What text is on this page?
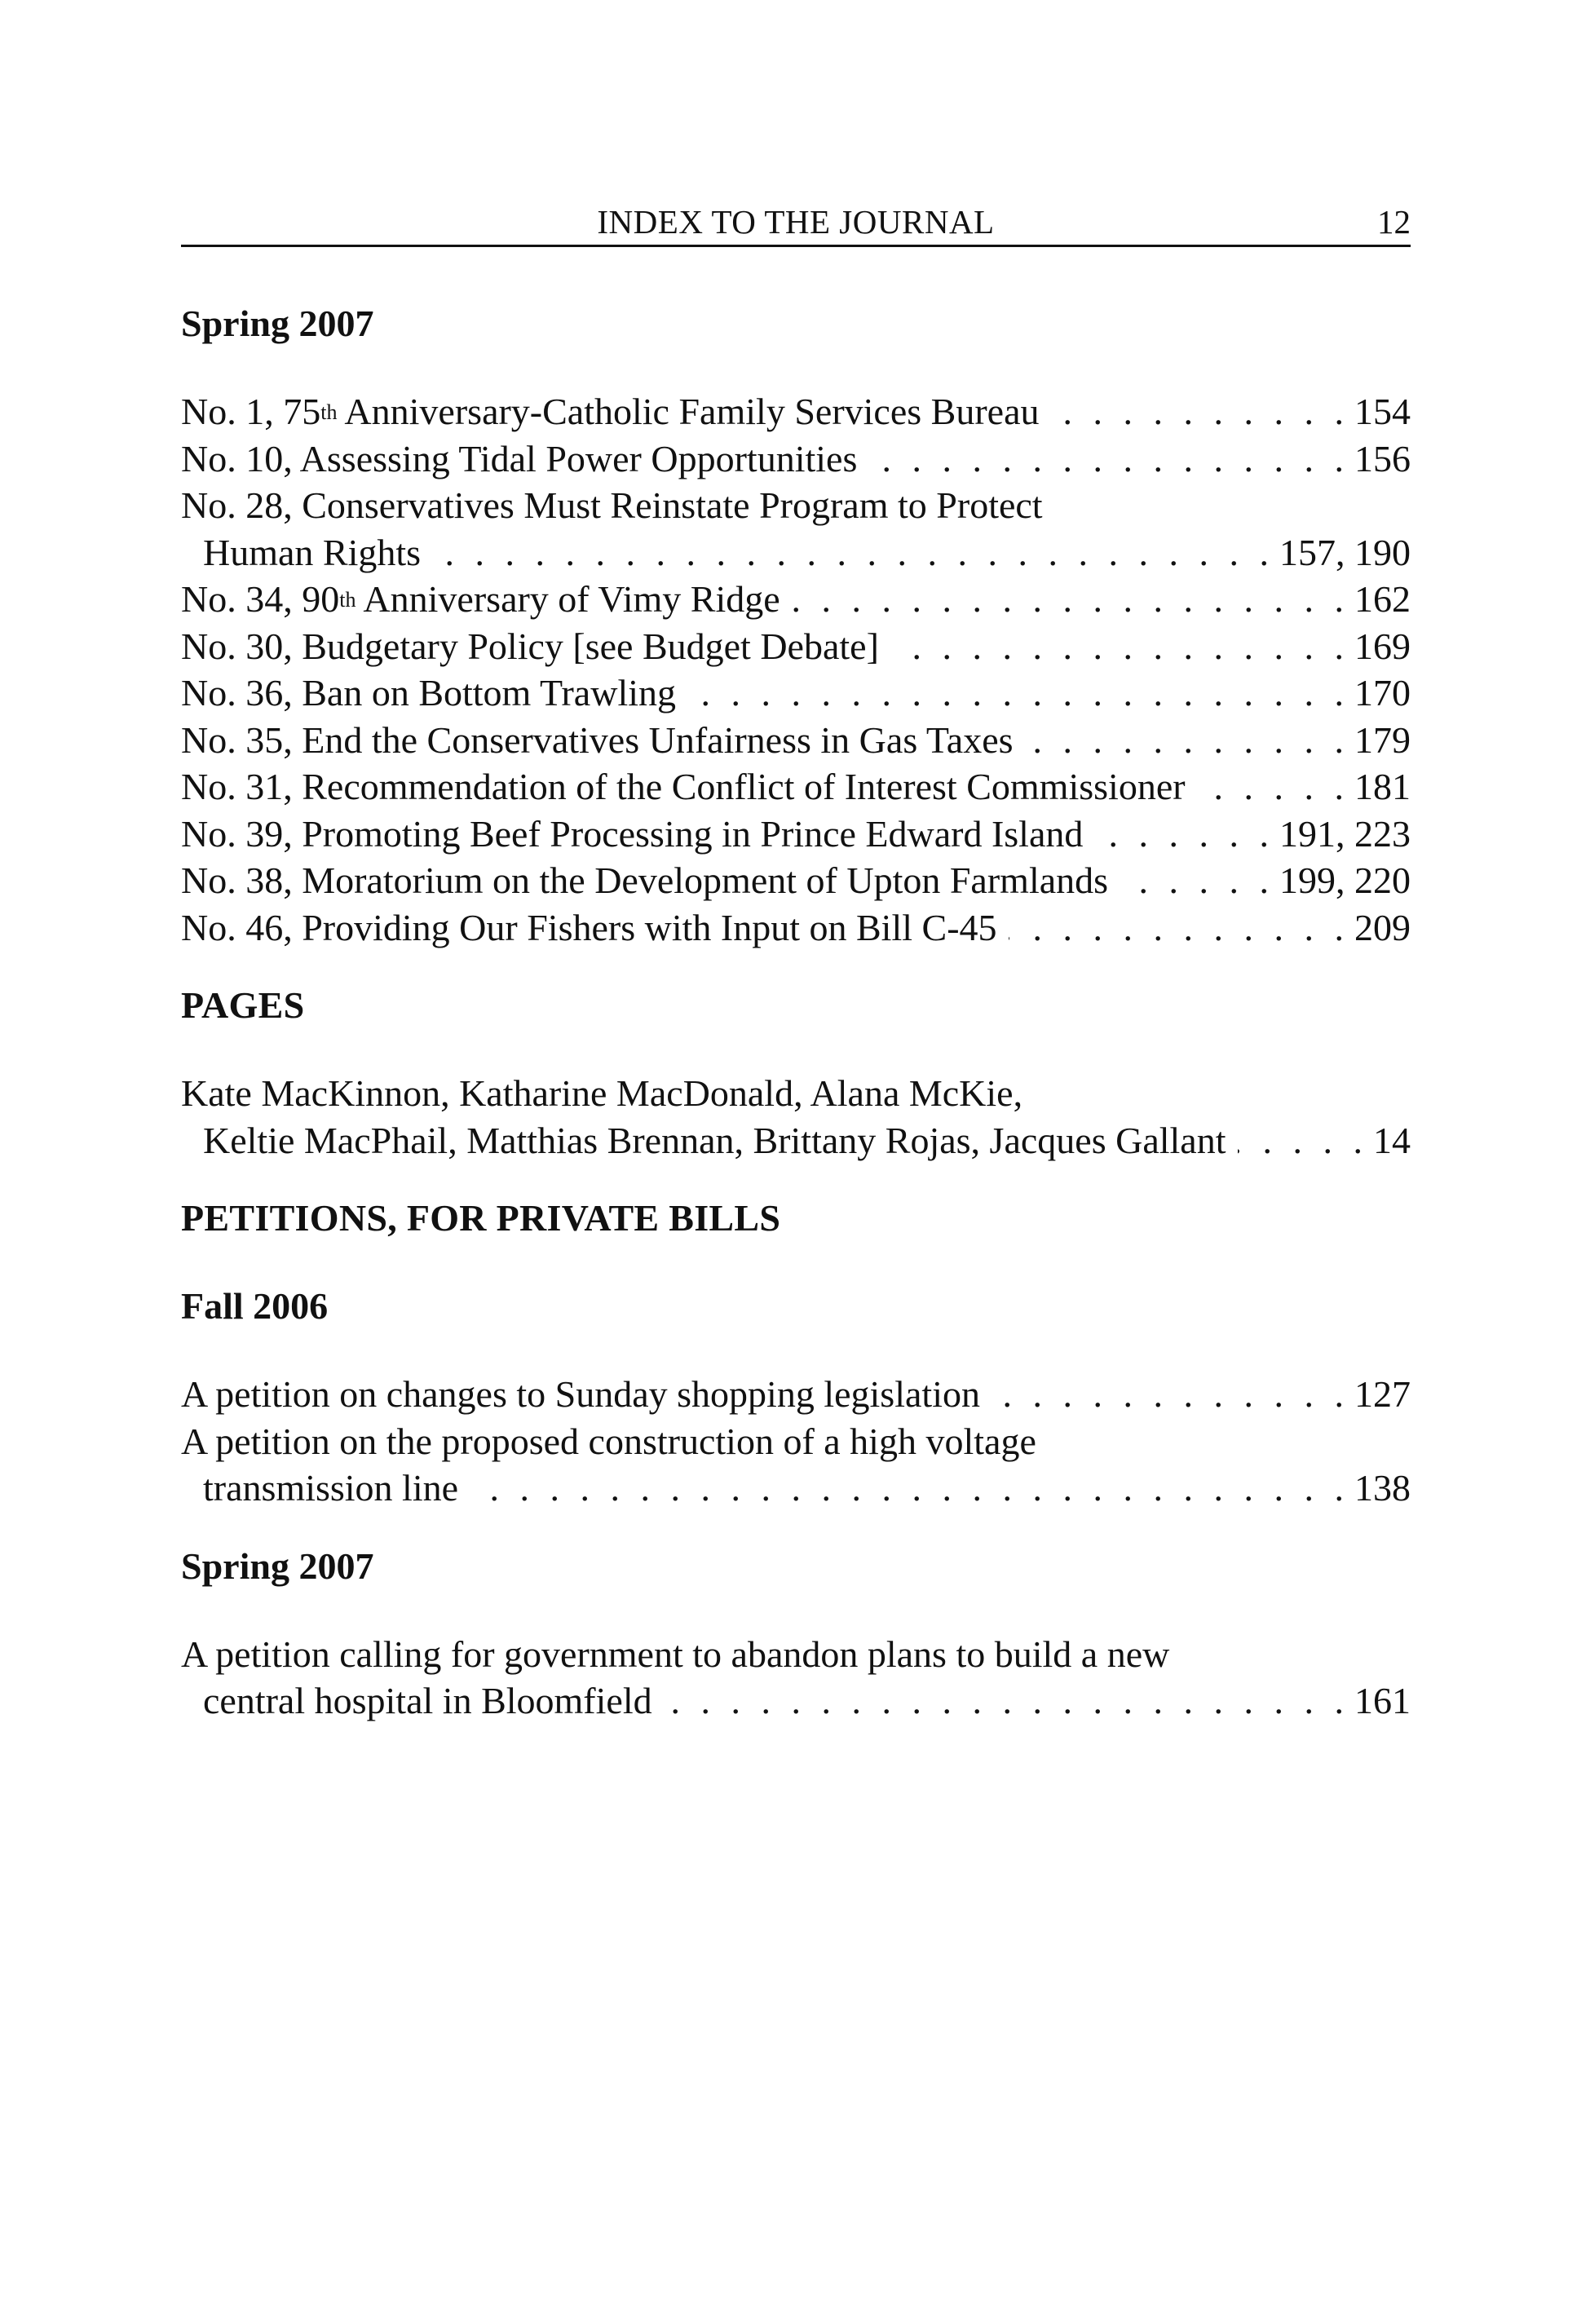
INDEX TO THE JOURNAL	12
Spring 2007
No. 1, 75th Anniversary-Catholic Family Services Bureau . . .	154
No. 10, Assessing Tidal Power Opportunities . . .	156
No. 28, Conservatives Must Reinstate Program to Protect
Human Rights . . .	157, 190
No. 34, 90th Anniversary of Vimy Ridge . . .	162
No. 30, Budgetary Policy [see Budget Debate] . . .	169
No. 36, Ban on Bottom Trawling . . .	170
No. 35, End the Conservatives Unfairness in Gas Taxes . . .	179
No. 31, Recommendation of the Conflict of Interest Commissioner . . .	181
No. 39, Promoting Beef Processing in Prince Edward Island . . .	191, 223
No. 38, Moratorium on the Development of Upton Farmlands . . .	199, 220
No. 46, Providing Our Fishers with Input on Bill C-45 . . .	209
PAGES
Kate MacKinnon, Katharine MacDonald, Alana McKie,
Keltie MacPhail, Matthias Brennan, Brittany Rojas, Jacques Gallant . . .	14
PETITIONS, FOR PRIVATE BILLS
Fall 2006
A petition on changes to Sunday shopping legislation . . .	127
A petition on the proposed construction of a high voltage
transmission line . . .	138
Spring 2007
A petition calling for government to abandon plans to build a new
central hospital in Bloomfield . . .	161
